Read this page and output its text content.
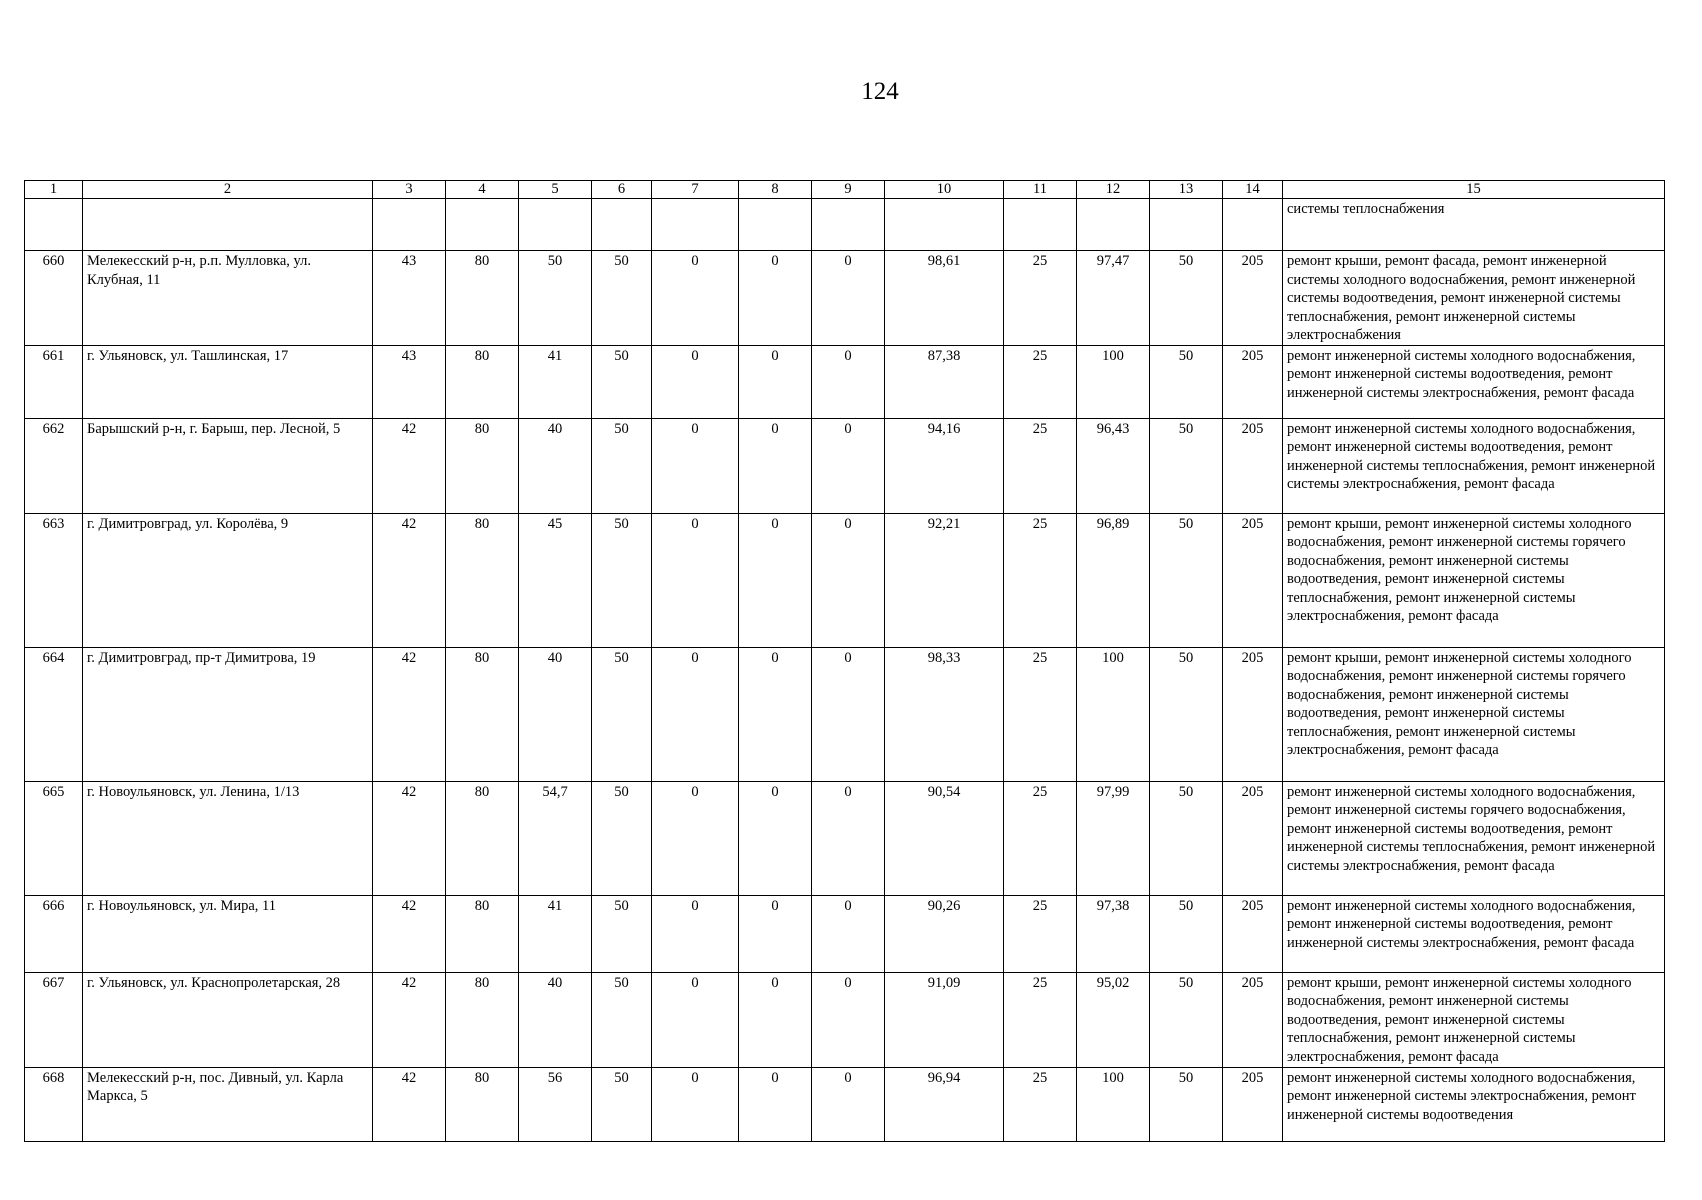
124
1	2	3	4	5	6	7	8	9	10	11	12	13	14	15
														системы теплоснабжения
660	Мелекесский р-н, р.п. Мулловка, ул. Клубная, 11	43	80	50	50	0	0	0	98,61	25	97,47	50	205	ремонт крыши, ремонт фасада, ремонт инженерной системы холодного водоснабжения, ремонт инженерной системы водоотведения, ремонт инженерной системы теплоснабжения, ремонт инженерной системы электроснабжения
661	г. Ульяновск, ул. Ташлинская, 17	43	80	41	50	0	0	0	87,38	25	100	50	205	ремонт инженерной системы холодного водоснабжения, ремонт инженерной системы водоотведения, ремонт инженерной системы электроснабжения, ремонт фасада
662	Барышский р-н, г. Барыш, пер. Лесной, 5	42	80	40	50	0	0	0	94,16	25	96,43	50	205	ремонт инженерной системы холодного водоснабжения, ремонт инженерной системы водоотведения, ремонт инженерной системы теплоснабжения, ремонт инженерной системы электроснабжения, ремонт фасада
663	г. Димитровград, ул. Королёва, 9	42	80	45	50	0	0	0	92,21	25	96,89	50	205	ремонт крыши, ремонт инженерной системы холодного водоснабжения, ремонт инженерной системы горячего водоснабжения, ремонт инженерной системы водоотведения, ремонт инженерной системы теплоснабжения, ремонт инженерной системы электроснабжения, ремонт фасада
664	г. Димитровград, пр-т Димитрова, 19	42	80	40	50	0	0	0	98,33	25	100	50	205	ремонт крыши, ремонт инженерной системы холодного водоснабжения, ремонт инженерной системы горячего водоснабжения, ремонт инженерной системы водоотведения, ремонт инженерной системы теплоснабжения, ремонт инженерной системы электроснабжения, ремонт фасада
665	г. Новоульяновск, ул. Ленина, 1/13	42	80	54,7	50	0	0	0	90,54	25	97,99	50	205	ремонт инженерной системы холодного водоснабжения, ремонт инженерной системы горячего водоснабжения, ремонт инженерной системы водоотведения, ремонт инженерной системы теплоснабжения, ремонт инженерной системы электроснабжения, ремонт фасада
666	г. Новоульяновск, ул. Мира, 11	42	80	41	50	0	0	0	90,26	25	97,38	50	205	ремонт инженерной системы холодного водоснабжения, ремонт инженерной системы водоотведения, ремонт инженерной системы электроснабжения, ремонт фасада
667	г. Ульяновск, ул. Краснопролетарская, 28	42	80	40	50	0	0	0	91,09	25	95,02	50	205	ремонт крыши, ремонт инженерной системы холодного водоснабжения, ремонт инженерной системы водоотведения, ремонт инженерной системы теплоснабжения, ремонт инженерной системы электроснабжения, ремонт фасада
668	Мелекесский р-н, пос. Дивный, ул. Карла Маркса, 5	42	80	56	50	0	0	0	96,94	25	100	50	205	ремонт инженерной системы холодного водоснабжения, ремонт инженерной системы электроснабжения, ремонт инженерной системы водоотведения
